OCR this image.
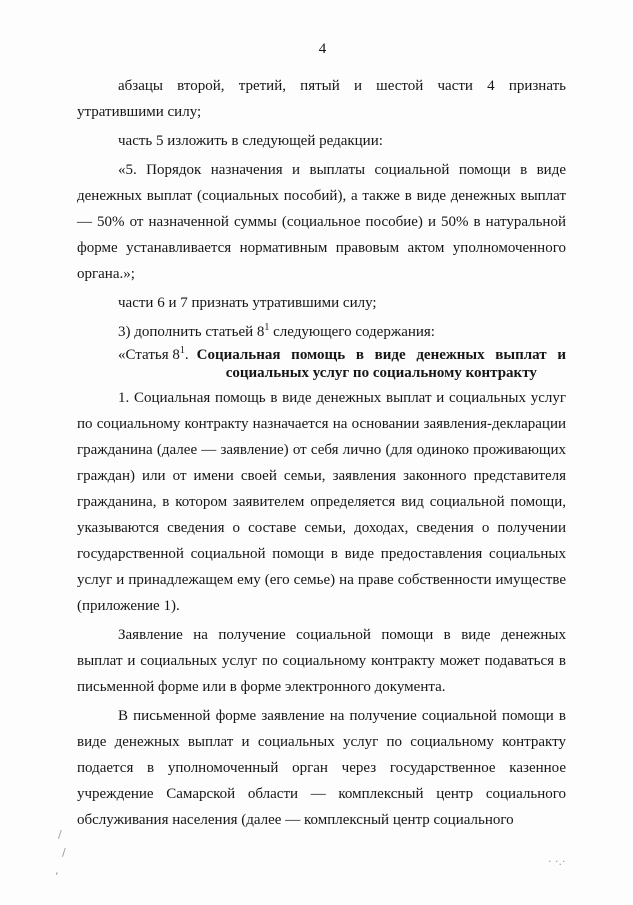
4

абзацы второй, третий, пятый и шестой части 4 признать утратившими силу;

часть 5 изложить в следующей редакции:

«5. Порядок назначения и выплаты социальной помощи в виде денежных выплат (социальных пособий), а также в виде денежных выплат — 50% от назначенной суммы (социальное пособие) и 50% в натуральной форме устанавливается нормативным правовым актом уполномоченного органа.»;

части 6 и 7 признать утратившими силу;

3) дополнить статьей $8^1$ следующего содержания:

«Статья $8^1$. Социальная помощь в виде денежных выплат и социальных услуг по социальному контракту

1. Социальная помощь в виде денежных выплат и социальных услуг по социальному контракту назначается на основании заявления-декларации гражданина (далее — заявление) от себя лично (для одиноко проживающих граждан) или от имени своей семьи, заявления законного представителя гражданина, в котором заявителем определяется вид социальной помощи, указываются сведения о составе семьи, доходах, сведения о получении государственной социальной помощи в виде предоставления социальных услуг и принадлежащем ему (его семье) на праве собственности имуществе (приложение 1).

Заявление на получение социальной помощи в виде денежных выплат и социальных услуг по социальному контракту может подаваться в письменной форме или в форме электронного документа.

В письменной форме заявление на получение социальной помощи в виде денежных выплат и социальных услуг по социальному контракту подается в уполномоченный орган через государственное казенное учреждение Самарской области — комплексный центр социального обслуживания населения (далее — комплексный центр социального

/
/
,
· ·.·
